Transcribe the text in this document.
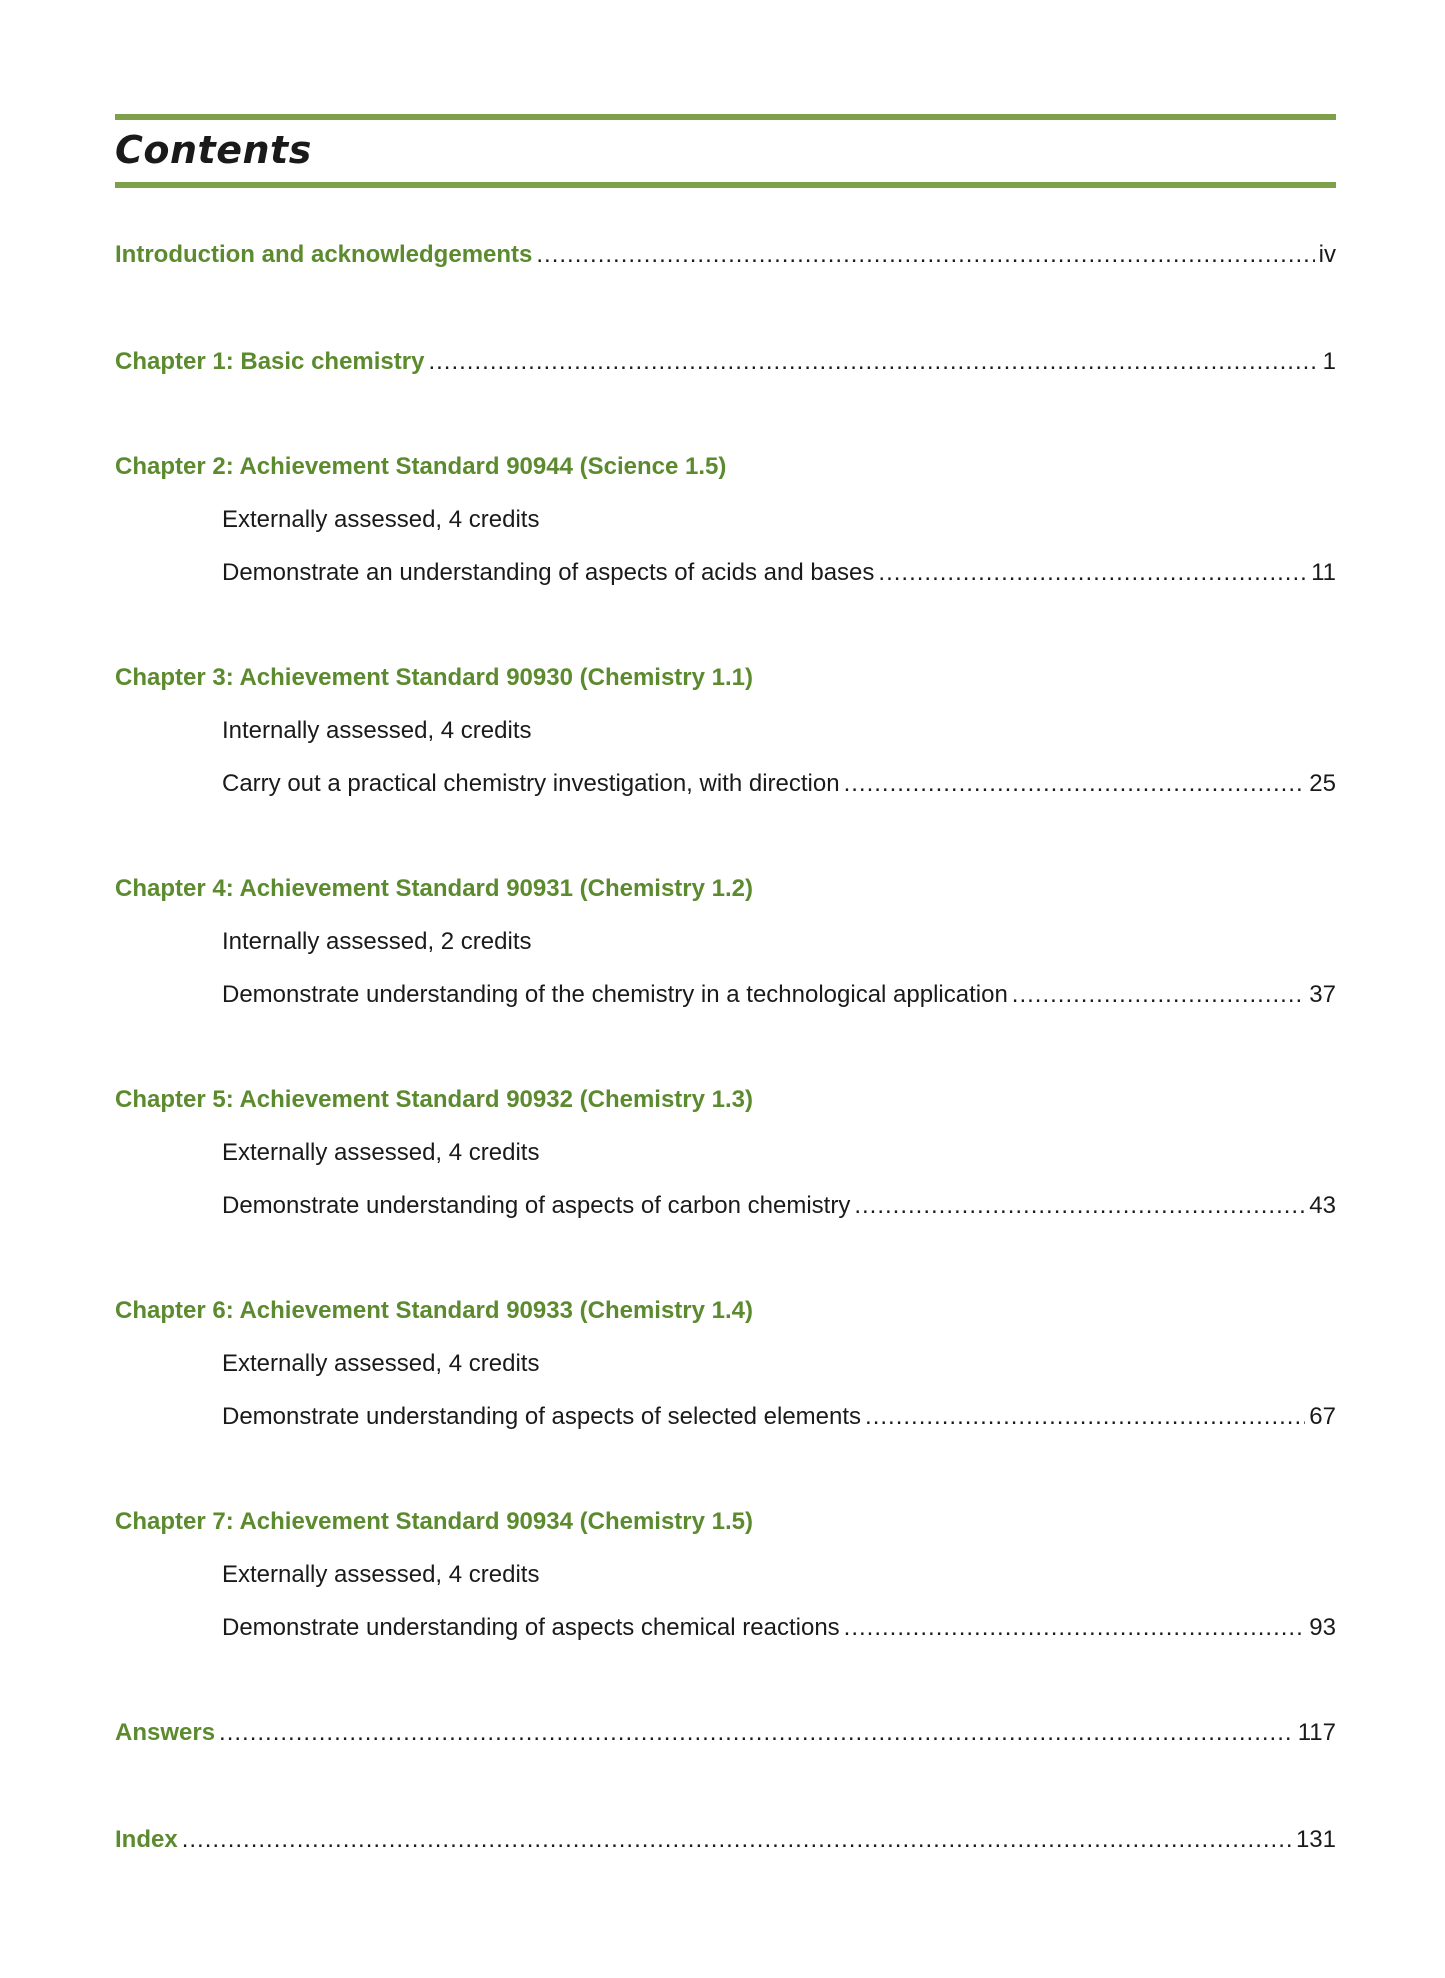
Contents
Introduction and acknowledgements .....	iv
Chapter 1: Basic chemistry .....	1
Chapter 2: Achievement Standard 90944 (Science 1.5)
Externally assessed, 4 credits
Demonstrate an understanding of aspects of acids and bases .....	11
Chapter 3: Achievement Standard 90930 (Chemistry 1.1)
Internally assessed, 4 credits
Carry out a practical chemistry investigation, with direction .....	25
Chapter 4: Achievement Standard 90931 (Chemistry 1.2)
Internally assessed, 2 credits
Demonstrate understanding of the chemistry in a technological application .....	37
Chapter 5: Achievement Standard 90932 (Chemistry 1.3)
Externally assessed, 4 credits
Demonstrate understanding of aspects of carbon chemistry .....	43
Chapter 6: Achievement Standard 90933 (Chemistry 1.4)
Externally assessed, 4 credits
Demonstrate understanding of aspects of selected elements .....	67
Chapter 7: Achievement Standard 90934 (Chemistry 1.5)
Externally assessed, 4 credits
Demonstrate understanding of aspects chemical reactions .....	93
Answers .....	117
Index .....	131
